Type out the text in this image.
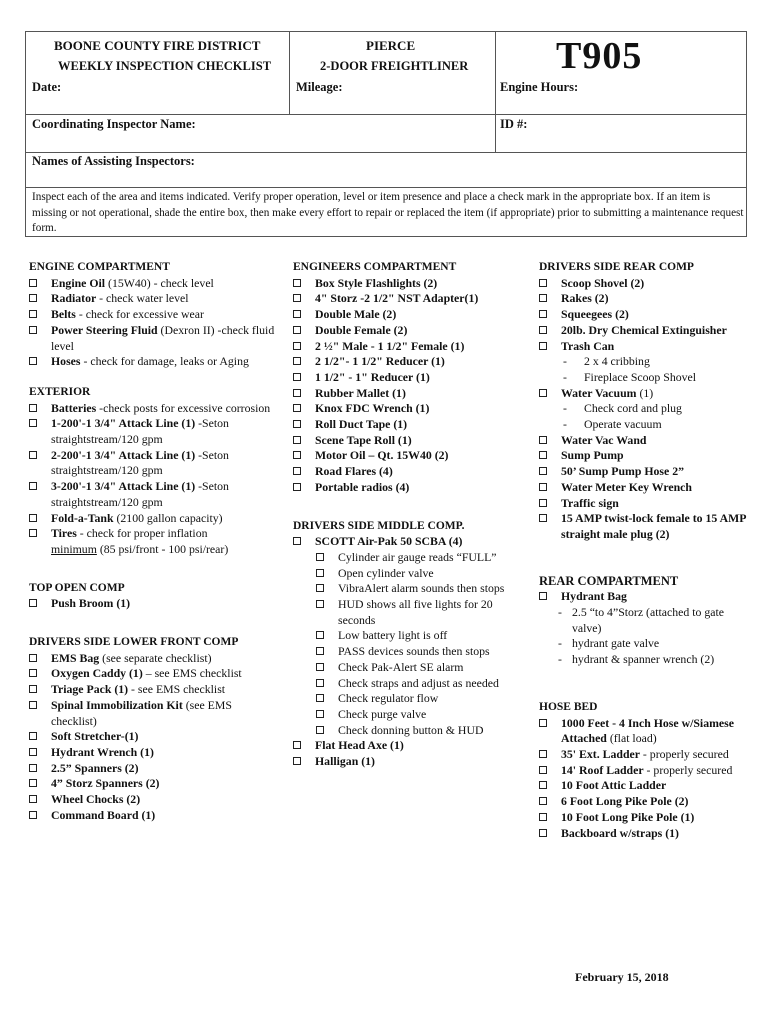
BOONE COUNTY FIRE DISTRICT
WEEKLY INSPECTION CHECKLIST
Date:
PIERCE
2-DOOR FREIGHTLINER
Mileage:
T905
Engine Hours:
Coordinating Inspector Name:	ID #:
Names of Assisting Inspectors:
Inspect each of the area and items indicated. Verify proper operation, level or item presence and place a check mark in the appropriate box. If an item is missing or not operational, shade the entire box, then make every effort to repair or replaced the item (if appropriate) prior to submitting a maintenance request form.

ENGINE COMPARTMENT

Engine Oil (15W40) - check level

Radiator - check water level

Belts - check for excessive wear

Power Steering Fluid (Dexron II) -check fluid level

Hoses - check for damage, leaks or Aging

EXTERIOR

Batteries -check posts for excessive corrosion

1-200'-1 3/4" Attack Line (1) -Seton straightstream/120 gpm

2-200'-1 3/4" Attack Line (1) -Seton straightstream/120 gpm

3-200'-1 3/4" Attack Line (1) -Seton straightstream/120 gpm

Fold-a-Tank (2100 gallon capacity)

Tires - check for proper inflation

minimum (85 psi/front - 100 psi/rear)

TOP OPEN COMP

Push Broom (1)

DRIVERS SIDE LOWER FRONT COMP

EMS Bag (see separate checklist)

Oxygen Caddy (1) – see EMS checklist

Triage Pack (1) - see EMS checklist

Spinal Immobilization Kit (see EMS checklist)

Soft Stretcher-(1)

Hydrant Wrench (1)

2.5” Spanners (2)

4” Storz Spanners (2)

Wheel Chocks (2)

Command Board (1)

ENGINEERS COMPARTMENT

Box Style Flashlights (2)

4" Storz -2 1/2" NST Adapter(1)

Double Male (2)

Double Female (2)

2 ½" Male - 1 1/2" Female (1)

2 1/2"- 1 1/2" Reducer (1)

1 1/2" - 1" Reducer (1)

Rubber Mallet (1)

Knox FDC Wrench (1)

Roll Duct Tape (1)

Scene Tape Roll (1)

Motor Oil – Qt. 15W40 (2)

Road Flares (4)

Portable radios (4)

DRIVERS SIDE MIDDLE COMP.

SCOTT Air-Pak 50 SCBA (4)

Cylinder air gauge reads “FULL”

Open cylinder valve

VibraAlert alarm sounds then stops

HUD shows all five lights for 20 seconds

Low battery light is off

PASS devices sounds then stops

Check Pak-Alert SE alarm

Check straps and adjust as needed

Check regulator flow

Check purge valve

Check donning button & HUD

Flat Head Axe (1)

Halligan (1)

DRIVERS SIDE REAR COMP

Scoop Shovel (2)

Rakes (2)

Squeegees (2)

20lb. Dry Chemical Extinguisher

Trash Can

- 2 x 4 cribbing

- Fireplace Scoop Shovel

Water Vacuum (1)

- Check cord and plug

- Operate vacuum

Water Vac Wand

Sump Pump

50’ Sump Pump Hose 2”

Water Meter Key Wrench

Traffic sign

15 AMP twist-lock female to 15 AMP straight male plug (2)

REAR COMPARTMENT

Hydrant Bag

- 2.5 “to 4”Storz (attached to gate valve)

- hydrant gate valve

- hydrant & spanner wrench (2)

HOSE BED

1000 Feet - 4 Inch Hose w/Siamese Attached (flat load)

35' Ext. Ladder - properly secured

14' Roof Ladder - properly secured

10 Foot Attic Ladder

6 Foot Long Pike Pole (2)

10 Foot Long Pike Pole (1)

Backboard w/straps (1)

February 15, 2018
